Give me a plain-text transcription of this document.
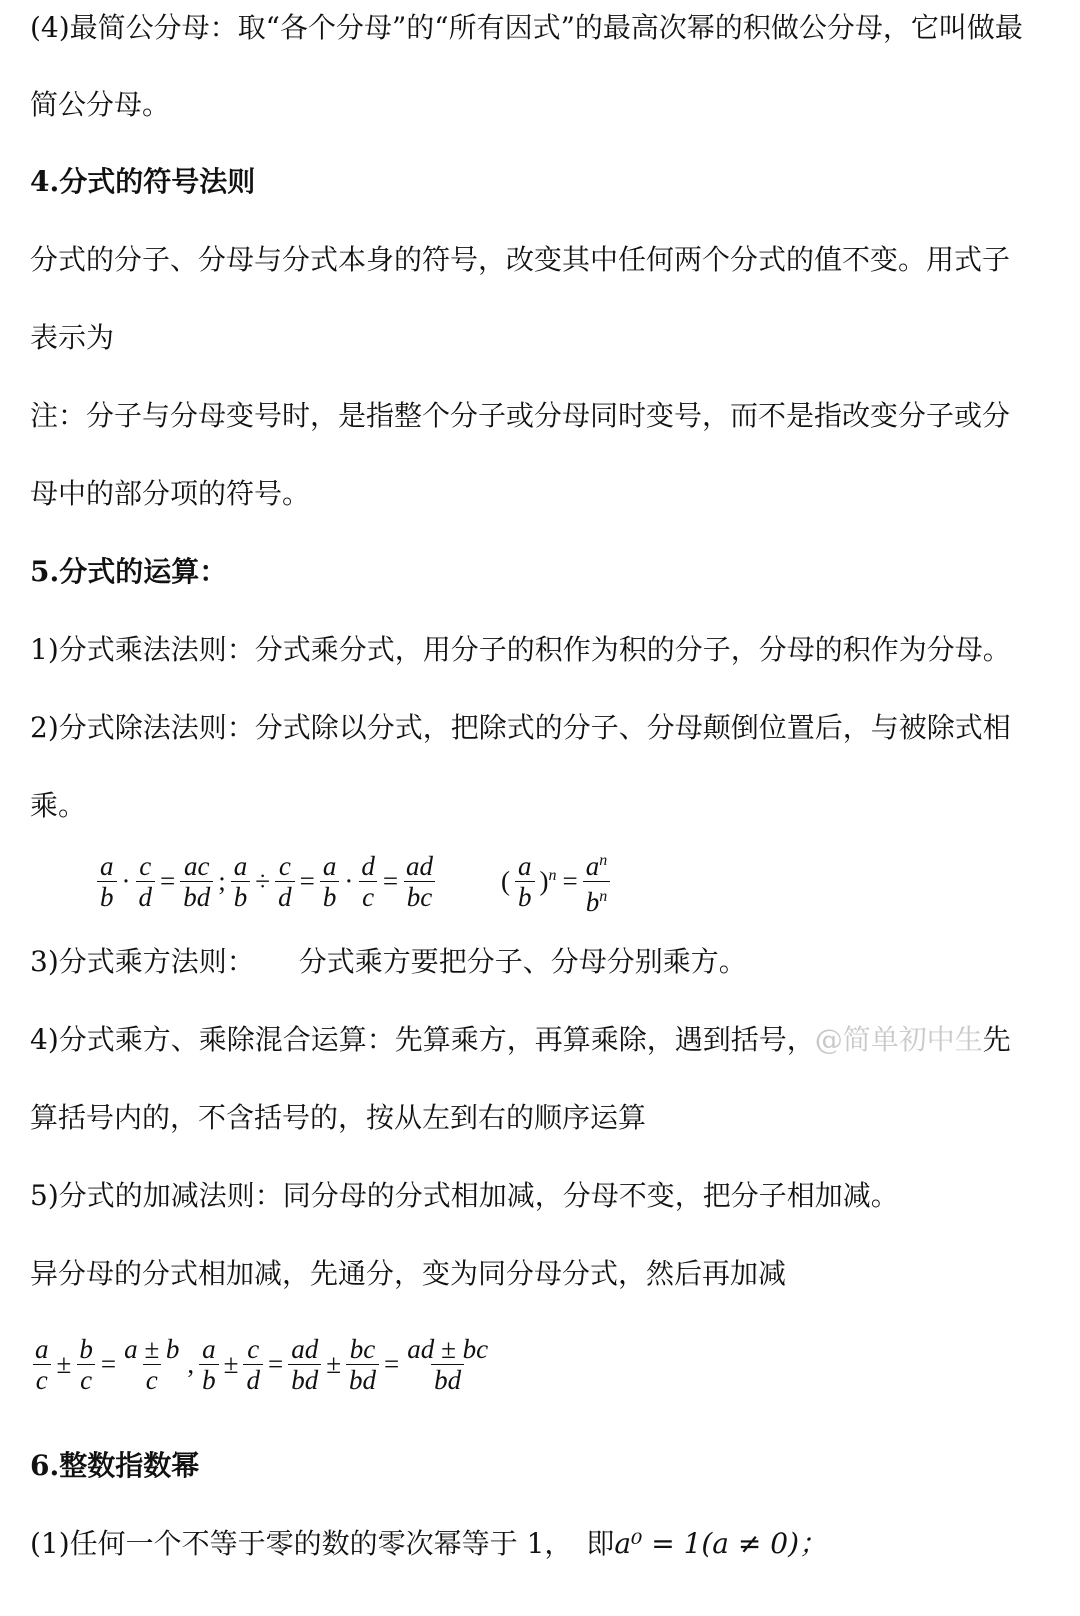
(4)最简公分母：取“各个分母”的“所有因式”的最高次幂的积做公分母，它叫做最
简公分母。
4.分式的符号法则
分式的分子、分母与分式本身的符号，改变其中任何两个分式的值不变。用式子
表示为
注：分子与分母变号时，是指整个分子或分母同时变号，而不是指改变分子或分
母中的部分项的符号。
5.分式的运算：
1)分式乘法法则：分式乘分式，用分子的积作为积的分子，分母的积作为分母。
2)分式除法法则：分式除以分式，把除式的分子、分母颠倒位置后，与被除式相
乘。
$\frac{a}{b} \cdot \frac{c}{d} = \frac{ac}{bd}$ ; $\frac{a}{b} \div \frac{c}{d} = \frac{a}{b} \cdot \frac{d}{c} = \frac{ad}{bc}$ ( $\frac{a}{b} )^n = \frac{a^n}{b^n}$
3)分式乘方法则： 分式乘方要把分子、分母分别乘方。
4)分式乘方、乘除混合运算：先算乘方，再算乘除，遇到括号，@简单初中生先
算括号内的，不含括号的，按从左到右的顺序运算
5)分式的加减法则：同分母的分式相加减，分母不变，把分子相加减。
异分母的分式相加减，先通分，变为同分母分式，然后再加减
$\frac{a}{c} \pm \frac{b}{c} = \frac{a \pm b}{c}$ , $\frac{a}{b} \pm \frac{c}{d} = \frac{ad}{bd} \pm \frac{bc}{bd} = \frac{ad \pm bc}{bd}$
6.整数指数幂
(1)任何一个不等于零的数的零次幂等于 1，　即a⁰ = 1(a ≠ 0)；
